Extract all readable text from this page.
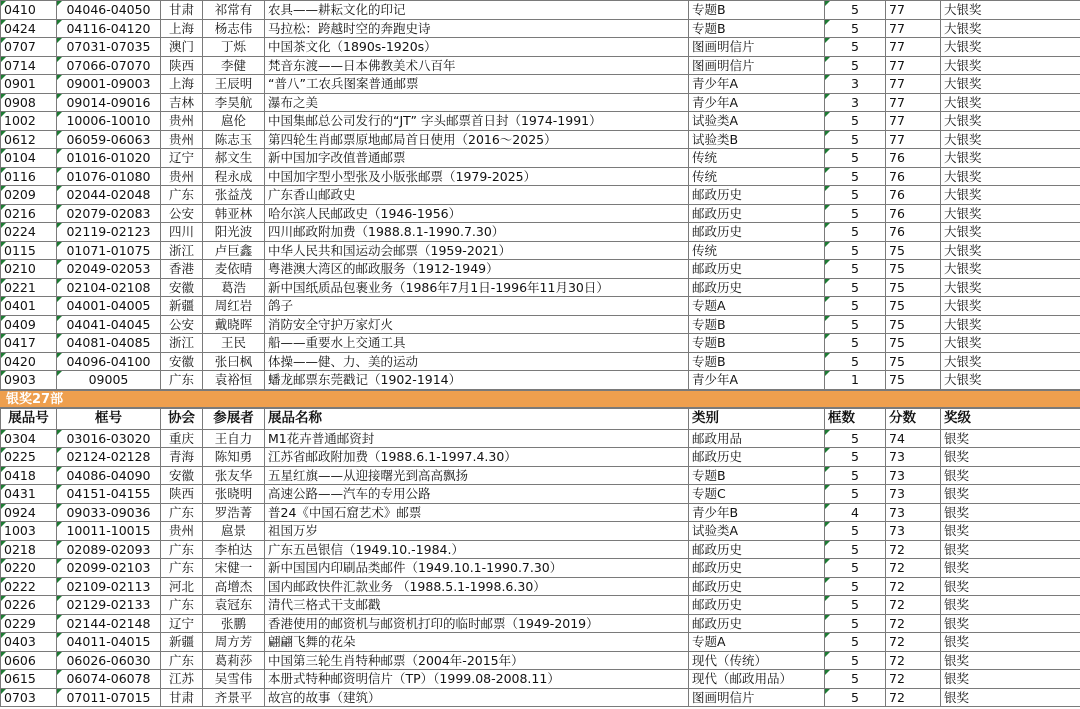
0410	04046-04050	甘肃	祁常有	农具——耕耘文化的印记	专题B	5	77	大银奖
0424	04116-04120	上海	杨志伟	马拉松：跨越时空的奔跑史诗	专题B	5	77	大银奖
0707	07031-07035	澳门	丁烁	中国茶文化（1890s-1920s）	图画明信片	5	77	大银奖
0714	07066-07070	陕西	李健	梵音东渡——日本佛教美术八百年	图画明信片	5	77	大银奖
0901	09001-09003	上海	王辰明	“普八”工农兵图案普通邮票	青少年A	3	77	大银奖
0908	09014-09016	吉林	李昊航	瀑布之美	青少年A	3	77	大银奖
1002	10006-10010	贵州	扈伦	中国集邮总公司发行的“JT” 字头邮票首日封（1974-1991）	试验类A	5	77	大银奖
0612	06059-06063	贵州	陈志玉	第四轮生肖邮票原地邮局首日使用（2016～2025）	试验类B	5	77	大银奖
0104	01016-01020	辽宁	郝文生	新中国加字改值普通邮票	传统	5	76	大银奖
0116	01076-01080	贵州	程永成	中国加字型小型张及小版张邮票（1979-2025）	传统	5	76	大银奖
0209	02044-02048	广东	张益茂	广东香山邮政史	邮政历史	5	76	大银奖
0216	02079-02083	公安	韩亚林	哈尔滨人民邮政史（1946-1956）	邮政历史	5	76	大银奖
0224	02119-02123	四川	阳光波	四川邮政附加费（1988.8.1-1990.7.30）	邮政历史	5	76	大银奖
0115	01071-01075	浙江	卢巨鑫	中华人民共和国运动会邮票（1959-2021）	传统	5	75	大银奖
0210	02049-02053	香港	麦依晴	粤港澳大湾区的邮政服务（1912-1949）	邮政历史	5	75	大银奖
0221	02104-02108	安徽	葛浩	新中国纸质品包裹业务（1986年7月1日-1996年11月30日）	邮政历史	5	75	大银奖
0401	04001-04005	新疆	周红岩	鸽子	专题A	5	75	大银奖
0409	04041-04045	公安	戴晓晖	消防安全守护万家灯火	专题B	5	75	大银奖
0417	04081-04085	浙江	王民	船——重要水上交通工具	专题B	5	75	大银奖
0420	04096-04100	安徽	张曰枫	体操——健、力、美的运动	专题B	5	75	大银奖
0903	09005	广东	袁裕恒	蟠龙邮票东莞戳记（1902-1914）	青少年A	1	75	大银奖
银奖27部
展品号	框号	协会	参展者	展品名称	类别	框数	分数	奖级
0304	03016-03020	重庆	王自力	M1花卉普通邮资封	邮政用品	5	74	银奖
0225	02124-02128	青海	陈知勇	江苏省邮政附加费（1988.6.1-1997.4.30）	邮政历史	5	73	银奖
0418	04086-04090	安徽	张友华	五星红旗——从迎接曙光到高高飘扬	专题B	5	73	银奖
0431	04151-04155	陕西	张晓明	高速公路——汽车的专用公路	专题C	5	73	银奖
0924	09033-09036	广东	罗浩菁	普24《中国石窟艺术》邮票	青少年B	4	73	银奖
1003	10011-10015	贵州	扈景	祖国万岁	试验类A	5	73	银奖
0218	02089-02093	广东	李柏达	广东五邑银信（1949.10.-1984.）	邮政历史	5	72	银奖
0220	02099-02103	广东	宋健一	新中国国内印刷品类邮件（1949.10.1-1990.7.30）	邮政历史	5	72	银奖
0222	02109-02113	河北	高增杰	国内邮政快件汇款业务 （1988.5.1-1998.6.30）	邮政历史	5	72	银奖
0226	02129-02133	广东	袁冠东	清代三格式干支邮戳	邮政历史	5	72	银奖
0229	02144-02148	辽宁	张鹏	香港使用的邮资机与邮资机打印的临时邮票（1949-2019）	邮政历史	5	72	银奖
0403	04011-04015	新疆	周方芳	翩翩飞舞的花朵	专题A	5	72	银奖
0606	06026-06030	广东	葛莉莎	中国第三轮生肖特种邮票（2004年-2015年）	现代（传统）	5	72	银奖
0615	06074-06078	江苏	吴雪伟	本册式特种邮资明信片（TP）（1999.08-2008.11）	现代（邮政用品）	5	72	银奖
0703	07011-07015	甘肃	齐景平	故宫的故事（建筑）	图画明信片	5	72	银奖
